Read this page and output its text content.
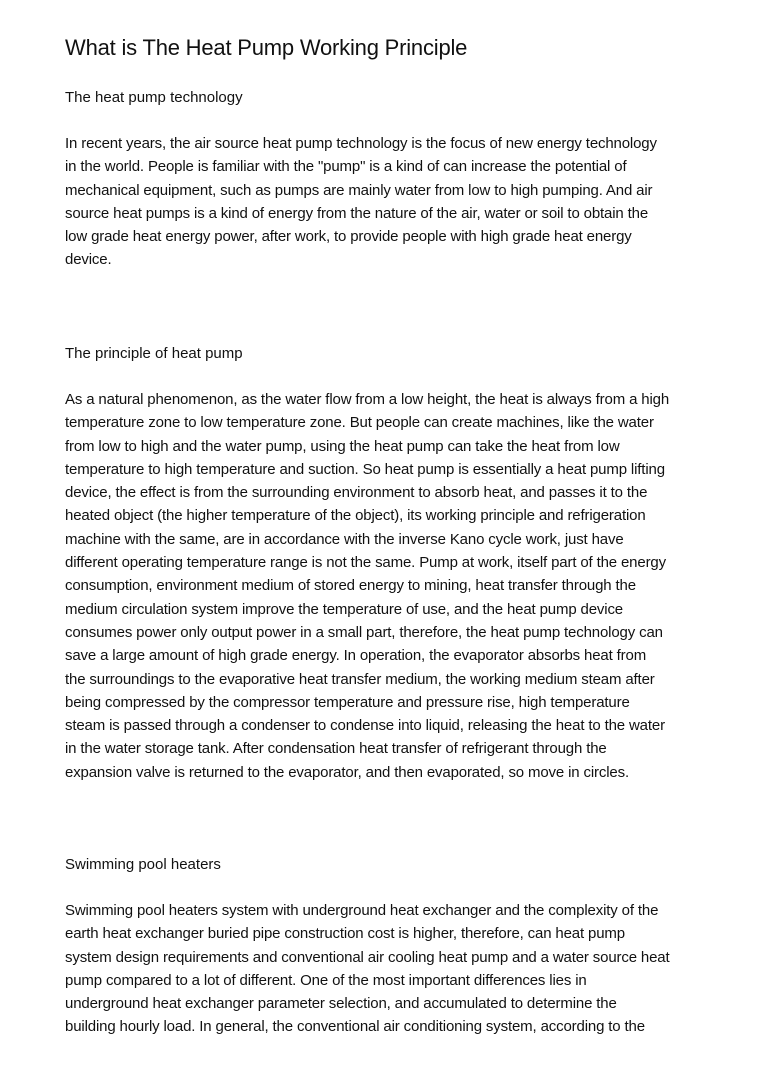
What is The Heat Pump Working Principle
The heat pump technology

In recent years, the air source heat pump technology is the focus of new energy technology
in the world. People is familiar with the "pump" is a kind of can increase the potential of
mechanical equipment, such as pumps are mainly water from low to high pumping. And air
source heat pumps is a kind of energy from the nature of the air, water or soil to obtain the
low grade heat energy power, after work, to provide people with high grade heat energy
device.

The principle of heat pump

As a natural phenomenon, as the water flow from a low height, the heat is always from a high
temperature zone to low temperature zone. But people can create machines, like the water
from low to high and the water pump, using the heat pump can take the heat from low
temperature to high temperature and suction. So heat pump is essentially a heat pump lifting
device, the effect is from the surrounding environment to absorb heat, and passes it to the
heated object (the higher temperature of the object), its working principle and refrigeration
machine with the same, are in accordance with the inverse Kano cycle work, just have
different operating temperature range is not the same. Pump at work, itself part of the energy
consumption, environment medium of stored energy to mining, heat transfer through the
medium circulation system improve the temperature of use, and the heat pump device
consumes power only output power in a small part, therefore, the heat pump technology can
save a large amount of high grade energy. In operation, the evaporator absorbs heat from
the surroundings to the evaporative heat transfer medium, the working medium steam after
being compressed by the compressor temperature and pressure rise, high temperature
steam is passed through a condenser to condense into liquid, releasing the heat to the water
in the water storage tank. After condensation heat transfer of refrigerant through the
expansion valve is returned to the evaporator, and then evaporated, so move in circles.

Swimming pool heaters

Swimming pool heaters system with underground heat exchanger and the complexity of the
earth heat exchanger buried pipe construction cost is higher, therefore, can heat pump
system design requirements and conventional air cooling heat pump and a water source heat
pump compared to a lot of different. One of the most important differences lies in
underground heat exchanger parameter selection, and accumulated to determine the
building hourly load. In general, the conventional air conditioning system, according to the
